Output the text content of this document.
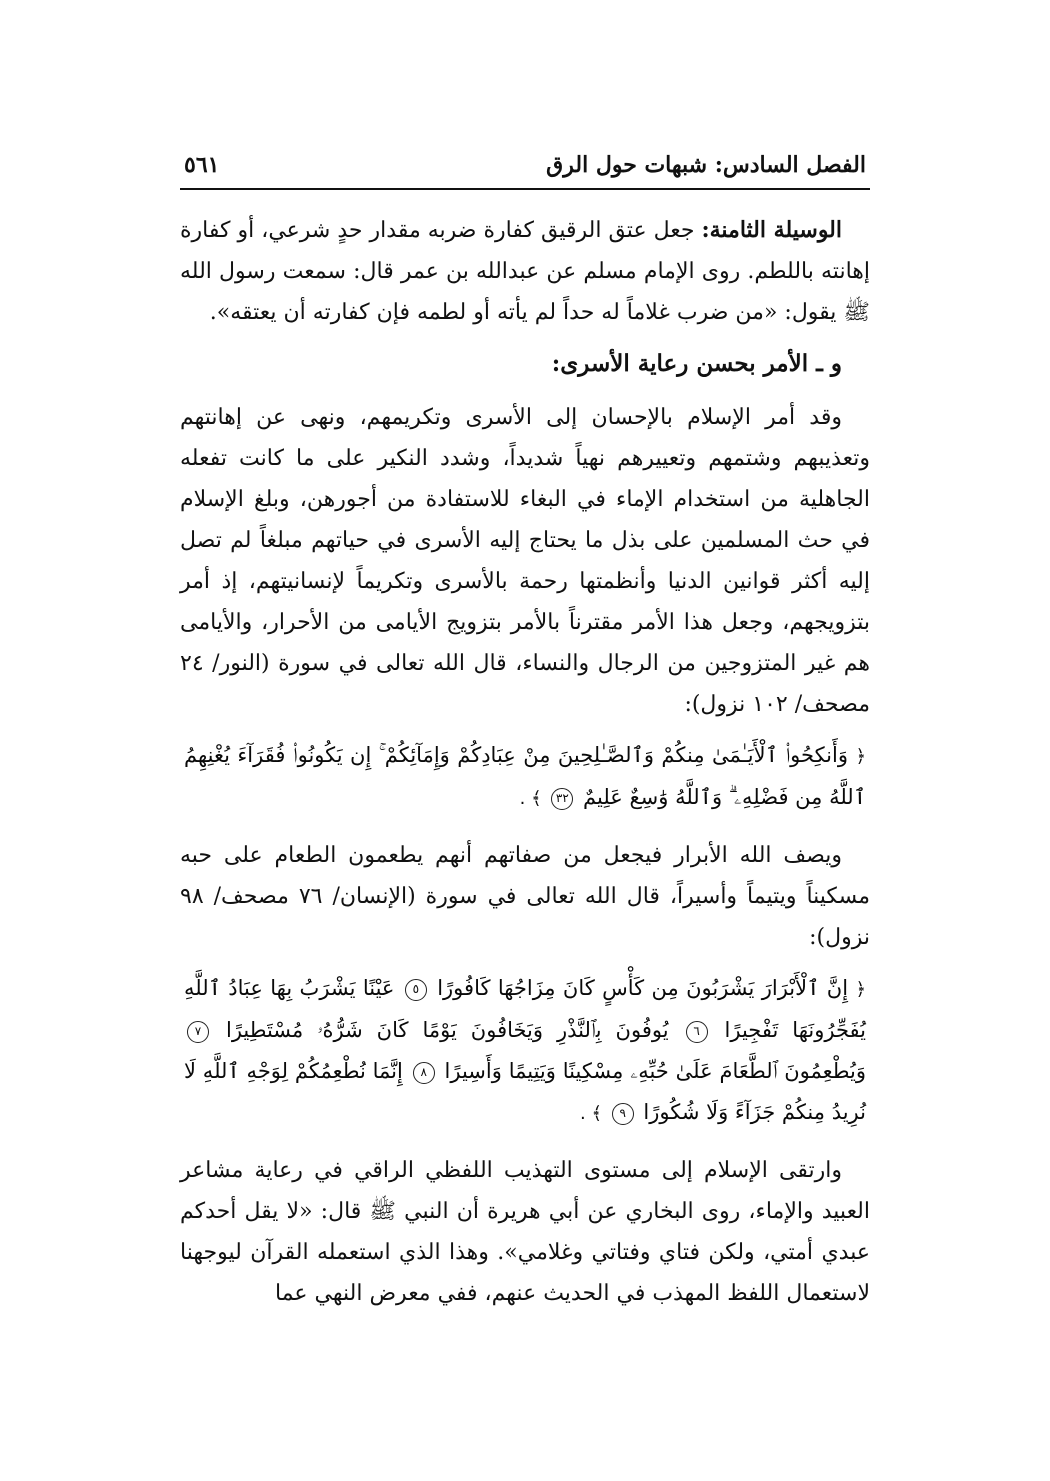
الفصل السادس: شبهات حول الرق
٥٦١

الوسيلة الثامنة: جعل عتق الرقيق كفارة ضربه مقدار حدٍ شرعي، أو كفارة إهانته باللطم. روى الإمام مسلم عن عبدالله بن عمر قال: سمعت رسول الله ﷺ يقول: «من ضرب غلاماً له حداً لم يأته أو لطمه فإن كفارته أن يعتقه».

و ـ الأمر بحسن رعاية الأسرى:

وقد أمر الإسلام بالإحسان إلى الأسرى وتكريمهم، ونهى عن إهانتهم وتعذيبهم وشتمهم وتعييرهم نهياً شديداً، وشدد النكير على ما كانت تفعله الجاهلية من استخدام الإماء في البغاء للاستفادة من أجورهن، وبلغ الإسلام في حث المسلمين على بذل ما يحتاج إليه الأسرى في حياتهم مبلغاً لم تصل إليه أكثر قوانين الدنيا وأنظمتها رحمة بالأسرى وتكريماً لإنسانيتهم، إذ أمر بتزويجهم، وجعل هذا الأمر مقترناً بالأمر بتزويج الأيامى من الأحرار، والأيامى هم غير المتزوجين من الرجال والنساء، قال الله تعالى في سورة (النور/ ٢٤ مصحف/ ١٠٢ نزول):

﴿ وَأَنكِحُوا۟ ٱلْأَيَـٰمَىٰ مِنكُمْ وَٱلصَّـٰلِحِينَ مِنْ عِبَادِكُمْ وَإِمَآئِكُمْ ۚ إِن يَكُونُوا۟ فُقَرَآءَ يُغْنِهِمُ ٱللَّهُ مِن فَضْلِهِۦ ۗ وَٱللَّهُ وَٰسِعٌ عَلِيمٌ ٣٢ ﴾ .

ويصف الله الأبرار فيجعل من صفاتهم أنهم يطعمون الطعام على حبه مسكيناً ويتيماً وأسيراً، قال الله تعالى في سورة (الإنسان/ ٧٦ مصحف/ ٩٨ نزول):

﴿ إِنَّ ٱلْأَبْرَارَ يَشْرَبُونَ مِن كَأْسٍ كَانَ مِزَاجُهَا كَافُورًا ٥ عَيْنًا يَشْرَبُ بِهَا عِبَادُ ٱللَّهِ يُفَجِّرُونَهَا تَفْجِيرًا ٦ يُوفُونَ بِٱلنَّذْرِ وَيَخَافُونَ يَوْمًا كَانَ شَرُّهُۥ مُسْتَطِيرًا ٧ وَيُطْعِمُونَ ٱلطَّعَامَ عَلَىٰ حُبِّهِۦ مِسْكِينًا وَيَتِيمًا وَأَسِيرًا ٨ إِنَّمَا نُطْعِمُكُمْ لِوَجْهِ ٱللَّهِ لَا نُرِيدُ مِنكُمْ جَزَآءً وَلَا شُكُورًا ٩ ﴾ .

وارتقى الإسلام إلى مستوى التهذيب اللفظي الراقي في رعاية مشاعر العبيد والإماء، روى البخاري عن أبي هريرة أن النبي ﷺ قال: «لا يقل أحدكم عبدي أمتي، ولكن فتاي وفتاتي وغلامي». وهذا الذي استعمله القرآن ليوجهنا لاستعمال اللفظ المهذب في الحديث عنهم، ففي معرض النهي عما
